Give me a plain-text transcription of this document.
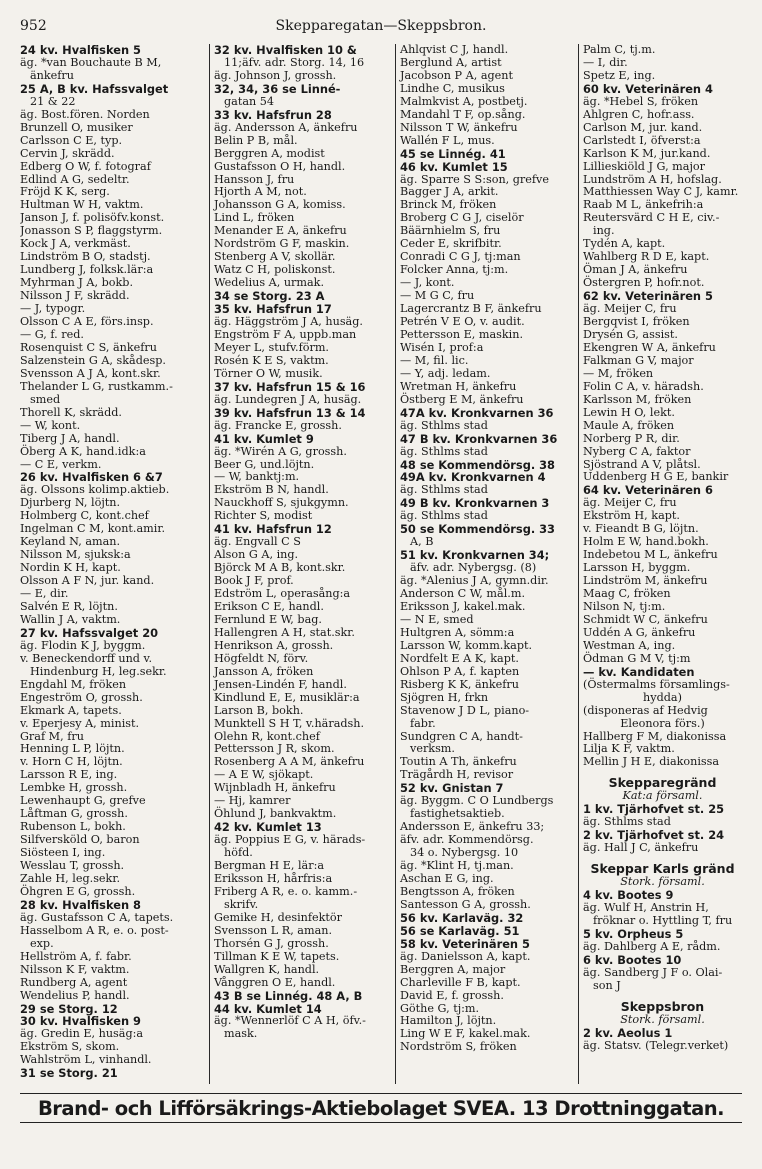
952	Skepparegatan—Skeppsbron.
24 kv. Hvalfisken 5
äg. *van Bouchaute B M,
änkefru
25 A, B kv. Hafssvalget
21 & 22
äg. Bost.fören. Norden
Brunzell O, musiker
Carlsson C E, typ.
Cervin J, skrädd.
Edberg O W, f. fotograf
Edlind A G, sedeltr.
Fröjd K K, serg.
Hultman W H, vaktm.
Janson J, f. polisöfv.konst.
Jonasson S P, flaggstyrm.
Kock J A, verkmäst.
Lindström B O, stadstj.
Lundberg J, folksk.lär:a
Myhrman J A, bokb.
Nilsson J F, skrädd.
— J, typogr.
Olsson C A E, förs.insp.
— G, f. red.
Rosenquist C S, änkefru
Salzenstein G A, skådesp.
Svensson A J A, kont.skr.
Thelander L G, rustkamm.-
smed
Thorell K, skrädd.
— W, kont.
Tiberg J A, handl.
Öberg A K, hand.idk:a
— C E, verkm.
26 kv. Hvalfisken 6 &7
äg. Olssons kolimp.aktieb.
Djurberg N, löjtn.
Holmberg C, kont.chef
Ingelman C M, kont.amir.
Keyland N, aman.
Nilsson M, sjuksk:a
Nordin K H, kapt.
Olsson A F N, jur. kand.
— E, dir.
Salvén E R, löjtn.
Wallin J A, vaktm.
27 kv. Hafssvalget 20
äg. Flodin K J, byggm.
v. Beneckendorff und v.
Hindenburg H, leg.sekr.
Engdahl M, fröken
Engeström O, grossh.
Ekmark A, tapets.
v. Eperjesy A, minist.
Graf M, fru
Henning L P, löjtn.
v. Horn C H, löjtn.
Larsson R E, ing.
Lembke H, grossh.
Lewenhaupt G, grefve
Låftman G, grossh.
Rubenson L, bokh.
Silfversköld O, baron
Siösteen I, ing.
Wesslau T, grossh.
Zahle H, leg.sekr.
Öhgren E G, grossh.
28 kv. Hvalfisken 8
äg. Gustafsson C A, tapets.
Hasselbom A R, e. o. post-
exp.
Hellström A, f. fabr.
Nilsson K F, vaktm.
Rundberg A, agent
Wendelius P, handl.
29 se Storg. 12
30 kv. Hvalfisken 9
äg. Gredin E, husäg:a
Ekström S, skom.
Wahlström L, vinhandl.
31 se Storg. 21
32 kv. Hvalfisken 10 &
11;äfv. adr. Storg. 14, 16
äg. Johnson J, grossh.
32, 34, 36 se Linné-
gatan 54
33 kv. Hafsfrun 28
äg. Andersson A, änkefru
Belin P B, mål.
Berggren A, modist
Gustafsson O H, handl.
Hansson J, fru
Hjorth A M, not.
Johansson G A, komiss.
Lind L, fröken
Menander E A, änkefru
Nordström G F, maskin.
Stenberg A V, skollär.
Watz C H, poliskonst.
Wedelius A, urmak.
34 se Storg. 23 A
35 kv. Hafsfrun 17
äg. Häggström J A, husäg.
Engström F A, uppb.man
Meyer L, stufv.förm.
Rosén K E S, vaktm.
Törner O W, musik.
37 kv. Hafsfrun 15 & 16
äg. Lundegren J A, husäg.
39 kv. Hafsfrun 13 & 14
äg. Francke E, grossh.
41 kv. Kumlet 9
äg. *Wirén A G, grossh.
Beer G, und.löjtn.
— W, banktj:m.
Ekström B N, handl.
Nauckhoff S, sjukgymn.
Richter S, modist
41 kv. Hafsfrun 12
äg. Engvall C S
Alson G A, ing.
Björck M A B, kont.skr.
Book J F, prof.
Edström L, operasång:a
Erikson C E, handl.
Fernlund E W, bag.
Hallengren A H, stat.skr.
Henrikson A, grossh.
Högfeldt N, förv.
Jansson A, fröken
Jensen-Lindén F, handl.
Kindlund E, E, musiklär:a
Larson B, bokh.
Munktell S H T, v.häradsh.
Olehn R, kont.chef
Pettersson J R, skom.
Rosenberg A A M, änkefru
— A E W, sjökapt.
Wijnbladh H, änkefru
— Hj, kamrer
Öhlund J, bankvaktm.
42 kv. Kumlet 13
äg. Poppius E G, v. härads-
höfd.
Bergman H E, lär:a
Eriksson H, hårfris:a
Friberg A R, e. o. kamm.-
skrifv.
Gemike H, desinfektör
Svensson L R, aman.
Thorsén G J, grossh.
Tillman K E W, tapets.
Wallgren K, handl.
Vånggren O E, handl.
43 B se Linnég. 48 A, B
44 kv. Kumlet 14
äg. *Wennerlöf C A H, öfv.-
mask.
Ahlqvist C J, handl.
Berglund A, artist
Jacobson P A, agent
Lindhe C, musikus
Malmkvist A, postbetj.
Mandahl T F, op.sång.
Nilsson T W, änkefru
Wallén F L, mus.
45 se Linnég. 41
46 kv. Kumlet 15
äg. Sparre S S:son, grefve
Bagger J A, arkit.
Brinck M, fröken
Broberg C G J, ciselör
Bäärnhielm S, fru
Ceder E, skrifbitr.
Conradi C G J, tj:man
Folcker Anna, tj:m.
— J, kont.
— M G C, fru
Lagercrantz B F, änkefru
Petrén V E O, v. audit.
Pettersson E, maskin.
Wisén I, prof:a
— M, fil. lic.
— Y, adj. ledam.
Wretman H, änkefru
Östberg E M, änkefru
47A kv. Kronkvarnen 36
äg. Sthlms stad
47 B kv. Kronkvarnen 36
äg. Sthlms stad
48 se Kommendörsg. 38
49A kv. Kronkvarnen 4
äg. Sthlms stad
49 B kv. Kronkvarnen 3
äg. Sthlms stad
50 se Kommendörsg. 33
A, B
51 kv. Kronkvarnen 34;
äfv. adr. Nybergsg. (8)
äg. *Alenius J A, gymn.dir.
Anderson C W, mål.m.
Eriksson J, kakel.mak.
— N E, smed
Hultgren A, sömm:a
Larsson W, komm.kapt.
Nordfelt E A K, kapt.
Ohlson P A, f. kapten
Risberg K K, änkefru
Sjögren H, frkn
Stavenow J D L, piano-
fabr.
Sundgren C A, handt-
verksm.
Toutin A Th, änkefru
Trägårdh H, revisor
52 kv. Gnistan 7
äg. Byggm. C O Lundbergs
fastighetsaktieb.
Andersson E, änkefru 33;
äfv. adr. Kommendörsg.
34 o. Nybergsg. 10
äg. *Klint H, tj.man.
Aschan E G, ing.
Bengtsson A, fröken
Santesson G A, grossh.
56 kv. Karlaväg. 32
56 se Karlaväg. 51
58 kv. Veterinären 5
äg. Danielsson A, kapt.
Berggren A, major
Charleville F B, kapt.
David E, f. grossh.
Göthe G, tj:m.
Hamilton J, löjtn.
Ling W E F, kakel.mak.
Nordström S, fröken
Palm C, tj.m.
— I, dir.
Spetz E, ing.
60 kv. Veterinären 4
äg. *Hebel S, fröken
Ahlgren C, hofr.ass.
Carlson M, jur. kand.
Carlstedt I, öfverst:a
Karlson K M, jur.kand.
Lillieskiöld J G, major
Lundström A H, hofslag.
Matthiessen Way C J, kamr.
Raab M L, änkefrih:a
Reutersvärd C H E, civ.-
ing.
Tydén A, kapt.
Wahlberg R D E, kapt.
Öman J A, änkefru
Östergren P, hofr.not.
62 kv. Veterinären 5
äg. Meijer C, fru
Bergqvist I, fröken
Drysén G, assist.
Ekengren W A, änkefru
Falkman G V, major
— M, fröken
Folin C A, v. häradsh.
Karlsson M, fröken
Lewin H O, lekt.
Maule A, fröken
Norberg P R, dir.
Nyberg C A, faktor
Sjöstrand A V, plåtsl.
Uddenberg H G E, bankir
64 kv. Veterinären 6
äg. Meijer C, fru
Ekström H, kapt.
v. Fieandt B G, löjtn.
Holm E W, hand.bokh.
Indebetou M L, änkefru
Larsson H, byggm.
Lindström M, änkefru
Maag C, fröken
Nilson N, tj:m.
Schmidt W C, änkefru
Uddén A G, änkefru
Westman A, ing.
Ödman G M V, tj:m
— kv. Kandidaten
(Östermalms församlings-
hydda)
(disponeras af Hedvig
Eleonora förs.)
Hallberg F M, diakonissa
Lilja K F, vaktm.
Mellin J H E, diakonissa
Skepparegränd
Kat:a församl.
1 kv. Tjärhofvet st. 25
äg. Sthlms stad
2 kv. Tjärhofvet st. 24
äg. Hall J C, änkefru
Skeppar Karls gränd
Stork. församl.
4 kv. Bootes 9
äg. Wulf H, Anstrin H,
fröknar o. Hyttling T, fru
5 kv. Orpheus 5
äg. Dahlberg A E, rådm.
6 kv. Bootes 10
äg. Sandberg J F o. Olai-
son J
Skeppsbron
Stork. församl.
2 kv. Aeolus 1
äg. Statsv. (Telegr.verket)
Brand- och Lifförsäkrings-Aktiebolaget SVEA. 13 Drottninggatan.
